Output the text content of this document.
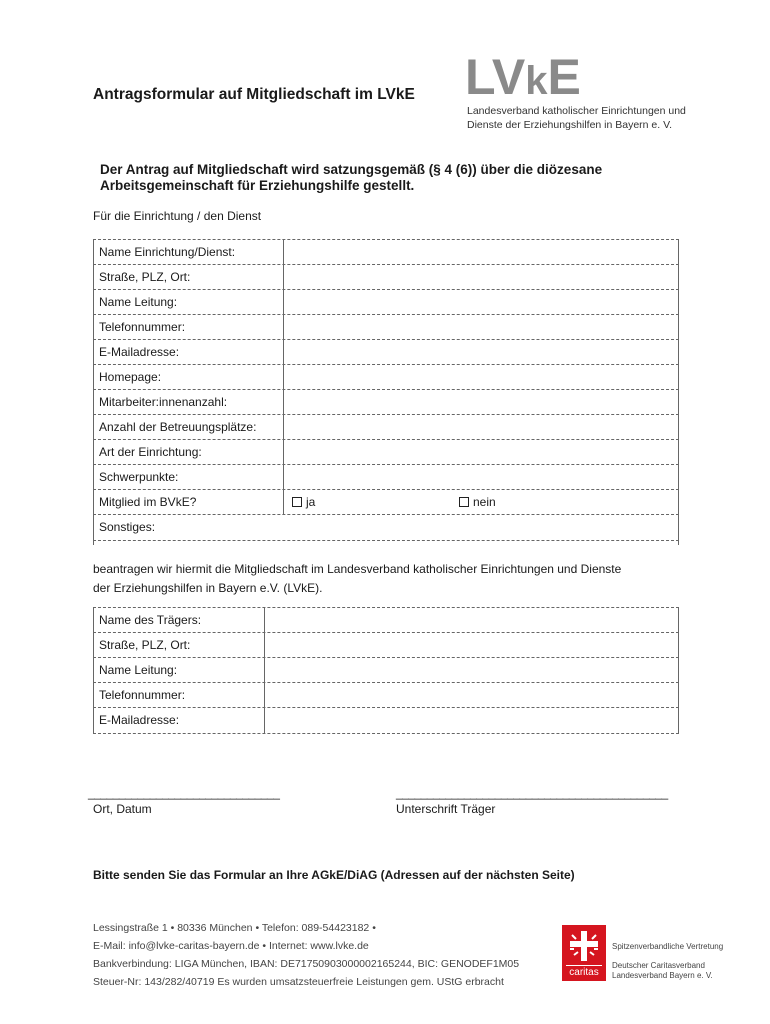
Antragsformular auf Mitgliedschaft im LVkE LVkE
Landesverband katholischer Einrichtungen und
Dienste der Erziehungshilfen in Bayern e. V.
Der Antrag auf Mitgliedschaft wird satzungsgemäß (§ 4 (6)) über die diözesane
Arbeitsgemeinschaft für Erziehungshilfe gestellt.
Für die Einrichtung / den Dienst
Name Einrichtung/Dienst:
Straße, PLZ, Ort:
Name Leitung:
Telefonnummer:
E-Mailadresse:
Homepage:
Mitarbeiter:innenanzahl:
Anzahl der Betreuungsplätze:
Art der Einrichtung:
Schwerpunkte:
Mitglied im BVkE?	ja	nein
Sonstiges:
beantragen wir hiermit die Mitgliedschaft im Landesverband katholischer Einrichtungen und Dienste
der Erziehungshilfen in Bayern e.V. (LVkE).
Name des Trägers:
Straße, PLZ, Ort:
Name Leitung:
Telefonnummer:
E-Mailadresse:
_______________________________
Ort, Datum
____________________________________________
Unterschrift Träger
Bitte senden Sie das Formular an Ihre AGkE/DiAG (Adressen auf der nächsten Seite)
Lessingstraße 1 • 80336 München • Telefon: 089-54423182 •
E-Mail: info@lvke-caritas-bayern.de • Internet: www.lvke.de
Bankverbindung: LIGA München, IBAN: DE71750903000002165244, BIC: GENODEF1M05
Steuer-Nr: 143/282/40719 Es wurden umsatzsteuerfreie Leistungen gem. UStG erbracht
caritas
Spitzenverbandliche Vertretung
Deutscher Caritasverband
Landesverband Bayern e. V.
